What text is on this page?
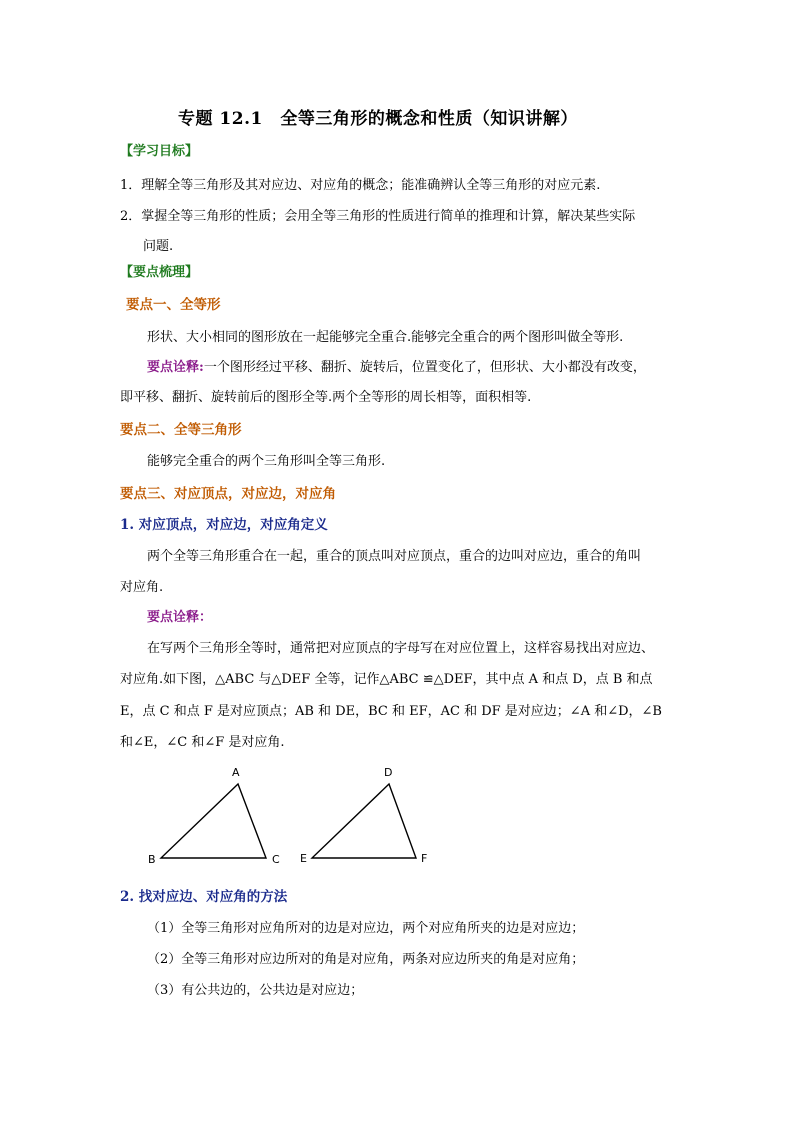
专题 12.1　全等三角形的概念和性质（知识讲解）
【学习目标】
1．理解全等三角形及其对应边、对应角的概念；能准确辨认全等三角形的对应元素.
2．掌握全等三角形的性质；会用全等三角形的性质进行简单的推理和计算，解决某些实际
问题.
【要点梳理】
要点一、全等形
形状、大小相同的图形放在一起能够完全重合.能够完全重合的两个图形叫做全等形.
要点诠释:一个图形经过平移、翻折、旋转后，位置变化了，但形状、大小都没有改变，
即平移、翻折、旋转前后的图形全等.两个全等形的周长相等，面积相等.
要点二、全等三角形
能够完全重合的两个三角形叫全等三角形.
要点三、对应顶点，对应边，对应角
1. 对应顶点，对应边，对应角定义
两个全等三角形重合在一起，重合的顶点叫对应顶点，重合的边叫对应边，重合的角叫
对应角.
要点诠释：
在写两个三角形全等时，通常把对应顶点的字母写在对应位置上，这样容易找出对应边、
对应角.如下图，△ABC 与△DEF 全等，记作△ABC ≌△DEF，其中点 A 和点 D，点 B 和点
E，点 C 和点 F 是对应顶点；AB 和 DE，BC 和 EF，AC 和 DF 是对应边；∠A 和∠D，∠B
和∠E，∠C 和∠F 是对应角.
A
B	C
D
E	F
2. 找对应边、对应角的方法
（1）全等三角形对应角所对的边是对应边，两个对应角所夹的边是对应边；
（2）全等三角形对应边所对的角是对应角，两条对应边所夹的角是对应角；
（3）有公共边的，公共边是对应边；
